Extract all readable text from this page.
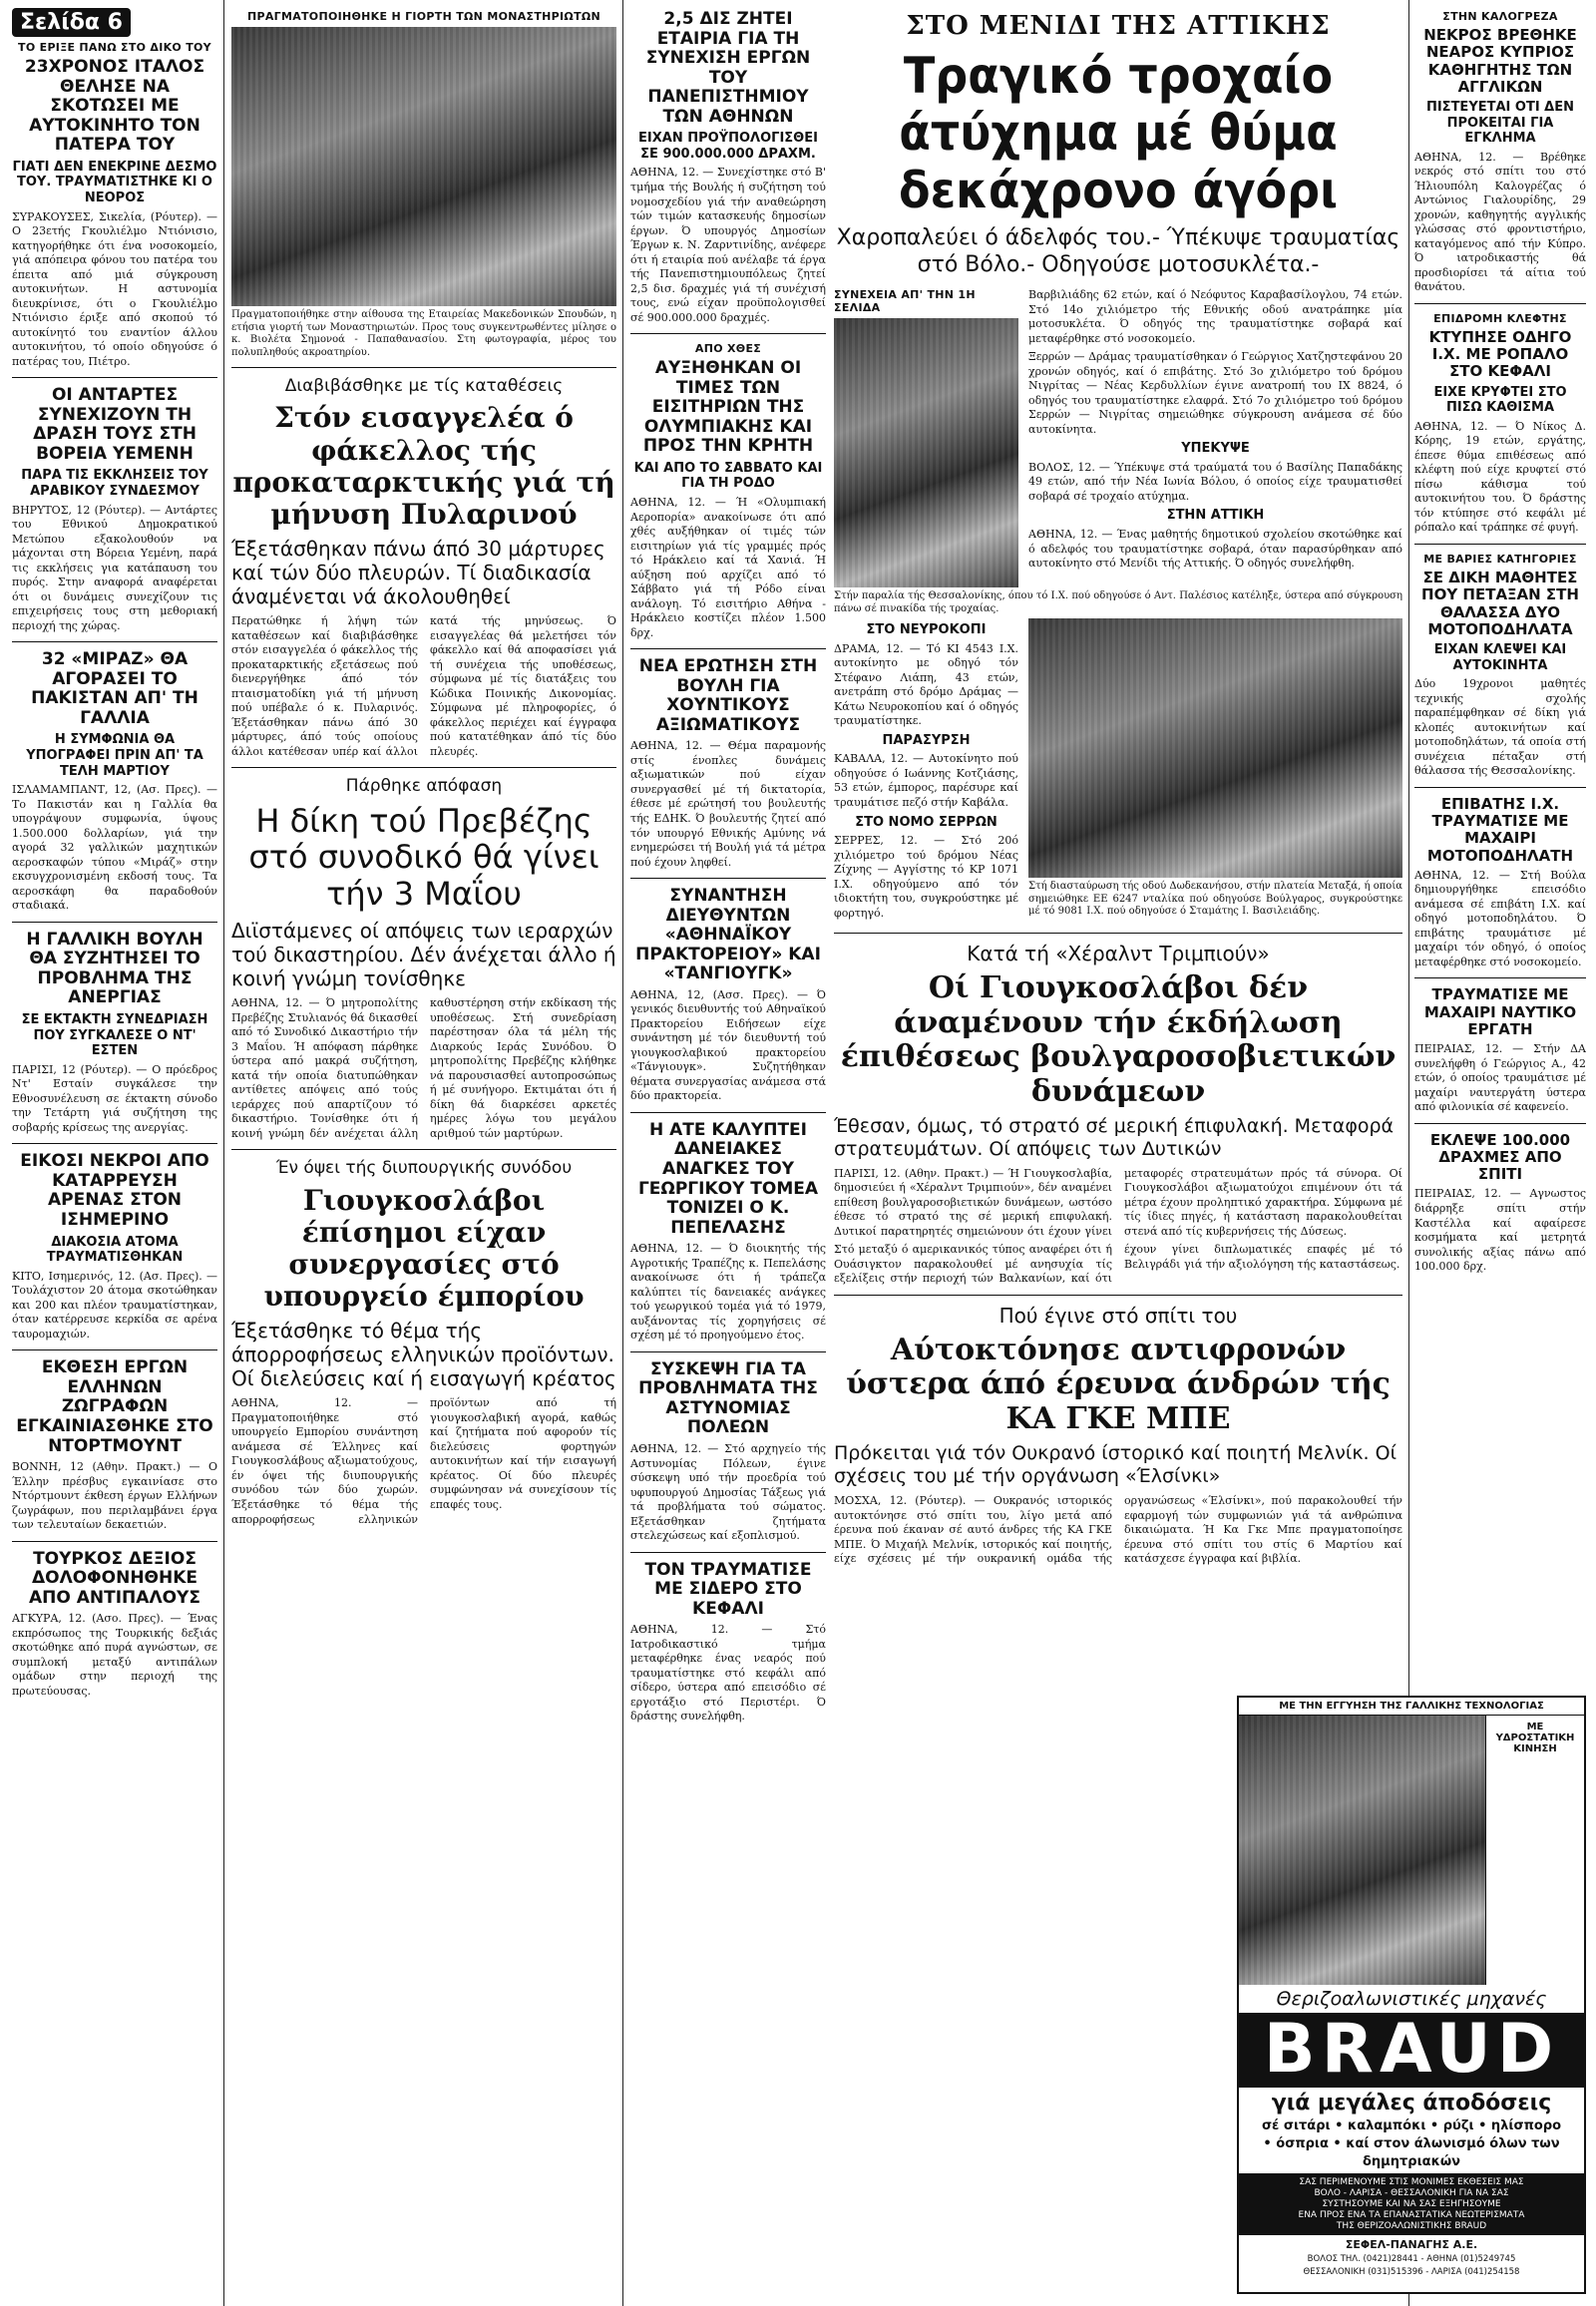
Σελίδα 6
ΤΟ ΕΡΙΞΕ ΠΑΝΩ ΣΤΟ ΔΙΚΟ ΤΟΥ
23ΧΡΟΝΟΣ ΙΤΑΛΟΣ ΘΕΛΗΣΕ ΝΑ ΣΚΟΤΩΣΕΙ ΜΕ ΑΥΤΟΚΙΝΗΤΟ ΤΟΝ ΠΑΤΕΡΑ ΤΟΥ
ΓΙΑΤΙ ΔΕΝ ΕΝΕΚΡΙΝΕ ΔΕΣΜΟ ΤΟΥ. ΤΡΑΥΜΑΤΙΣΤΗΚΕ ΚΙ Ο ΝΕΟΡΟΣ
ΣΥΡΑΚΟΥΣΕΣ, Σικελία, (Ρόυτερ). — Ο 23ετής Γκουλιέλμο Ντιόνισιο, κατηγορήθηκε ότι ένα νοσοκομείο, γιά απόπειρα φόνου του πατέρα του έπειτα από μιά σύγκρουση αυτοκινήτων. Η αστυνομία διευκρίνισε, ότι ο Γκουλιέλμο Ντιόνισιο έριξε από σκοπού τό αυτοκίνητό του εναντίον άλλου αυτοκινήτου, τό οποίο οδηγούσε ό πατέρας του, Πιέτρο.
ΟΙ ΑΝΤΑΡΤΕΣ ΣΥΝΕΧΙΖΟΥΝ ΤΗ ΔΡΑΣΗ ΤΟΥΣ ΣΤΗ ΒΟΡΕΙΑ ΥΕΜΕΝΗ
ΠΑΡΑ ΤΙΣ ΕΚΚΛΗΣΕΙΣ ΤΟΥ ΑΡΑΒΙΚΟΥ ΣΥΝΔΕΣΜΟΥ
ΒΗΡΥΤΟΣ, 12 (Ρόυτερ). — Αντάρτες του Εθνικού Δημοκρατικού Μετώπου εξακολουθούν να μάχονται στη Βόρεια Υεμένη, παρά τις εκκλήσεις για κατάπαυση του πυρός. Στην αναφορά αναφέρεται ότι οι δυνάμεις συνεχίζουν τις επιχειρήσεις τους στη μεθοριακή περιοχή της χώρας.
32 «ΜΙΡΑΖ» ΘΑ ΑΓΟΡΑΣΕΙ ΤΟ ΠΑΚΙΣΤΑΝ ΑΠ' ΤΗ ΓΑΛΛΙΑ
Η ΣΥΜΦΩΝΙΑ ΘΑ ΥΠΟΓΡΑΦΕΙ ΠΡΙΝ ΑΠ' ΤΑ ΤΕΛΗ ΜΑΡΤΙΟΥ
ΙΣΛΑΜΑΜΠΑΝΤ, 12, (Ασ. Πρες). — Το Πακιστάν και η Γαλλία θα υπογράψουν συμφωνία, ύψους 1.500.000 δολλαρίων, γιά την αγορά 32 γαλλικών μαχητικών αεροσκαφών τύπου «Μιράζ» στην εκσυγχρονισμένη εκδοσή τους. Τα αεροσκάφη θα παραδοθούν σταδιακά.
Η ΓΑΛΛΙΚΗ ΒΟΥΛΗ ΘΑ ΣΥΖΗΤΗΣΕΙ ΤΟ ΠΡΟΒΛΗΜΑ ΤΗΣ ΑΝΕΡΓΙΑΣ
ΣΕ ΕΚΤΑΚΤΗ ΣΥΝΕΔΡΙΑΣΗ ΠΟΥ ΣΥΓΚΑΛΕΣΕ Ο ΝΤ' ΕΣΤΕΝ
ΠΑΡΙΣΙ, 12 (Ρόυτερ). — Ο πρόεδρος Ντ' Εσταίν συγκάλεσε την Εθνοσυνέλευση σε έκτακτη σύνοδο την Τετάρτη γιά συζήτηση της σοβαρής κρίσεως της ανεργίας.
ΕΙΚΟΣΙ ΝΕΚΡΟΙ ΑΠΟ ΚΑΤΑΡΡΕΥΣΗ ΑΡΕΝΑΣ ΣΤΟΝ ΙΣΗΜΕΡΙΝΟ
ΔΙΑΚΟΣΙΑ ΑΤΟΜΑ ΤΡΑΥΜΑΤΙΣΘΗΚΑΝ
ΚΙΤΟ, Ισημερινός, 12. (Ασ. Πρες). — Τουλάχιστον 20 άτομα σκοτώθηκαν και 200 και πλέον τραυματίστηκαν, όταν κατέρρευσε κερκίδα σε αρένα ταυρομαχιών.
ΕΚΘΕΣΗ ΕΡΓΩΝ ΕΛΛΗΝΩΝ ΖΩΓΡΑΦΩΝ ΕΓΚΑΙΝΙΑΣΘΗΚΕ ΣΤΟ ΝΤΟΡΤΜΟΥΝΤ
ΒΟΝΝΗ, 12 (Αθην. Πρακτ.) — Ο Έλλην πρέσβυς εγκαινίασε στο Ντόρτμουντ έκθεση έργων Ελλήνων ζωγράφων, που περιλαμβάνει έργα των τελευταίων δεκαετιών.
ΤΟΥΡΚΟΣ ΔΕΞΙΟΣ ΔΟΛΟΦΟΝΗΘΗΚΕ ΑΠΟ ΑΝΤΙΠΑΛΟΥΣ
ΑΓΚΥΡΑ, 12. (Ασο. Πρες). — Ένας εκπρόσωπος της Τουρκικής δεξιάς σκοτώθηκε από πυρά αγνώστων, σε συμπλοκή μεταξύ αντιπάλων ομάδων στην περιοχή της πρωτεύουσας.
ΠΡΑΓΜΑΤΟΠΟΙΗΘΗΚΕ Η ΓΙΟΡΤΗ ΤΩΝ ΜΟΝΑΣΤΗΡΙΩΤΩΝ
Πραγματοποιήθηκε στην αίθουσα της Εταιρείας Μακεδονικών Σπουδών, η ετήσια γιορτή των Μοναστηριωτών. Προς τους συγκεντρωθέντες μίλησε ο κ. Βιολέτα Σημονοά - Παπαθανασίου. Στη φωτογραφία, μέρος του πολυπληθούς ακροατηρίου.
Διαβιβάσθηκε με τίς καταθέσεις
Στόν εισαγγελέα ό φάκελλος τής προκαταρκτικής γιά τή μήνυση Πυλαρινού
Έξετάσθηκαν πάνω άπό 30 μάρτυρες καί τών δύο πλευρών. Τί διαδικασία άναμένεται νά άκολουθηθεί
Περατώθηκε ή λήψη τών καταθέσεων καί διαβιβάσθηκε στόν εισαγγελέα ό φάκελλος τής προκαταρκτικής εξετάσεως πού διενεργήθηκε άπό τόν πταισματοδίκη γιά τή μήνυση πού υπέβαλε ό κ. Πυλαρινός. Έξετάσθηκαν πάνω άπό 30 μάρτυρες, άπό τούς οποίους άλλοι κατέθεσαν υπέρ καί άλλοι κατά τής μηνύσεως. Ό εισαγγελέας θά μελετήσει τόν φάκελλο καί θά αποφασίσει γιά τή συνέχεια τής υποθέσεως, σύμφωνα μέ τίς διατάξεις του Κώδικα Ποινικής Δικονομίας. Σύμφωνα μέ πληροφορίες, ό φάκελλος περιέχει καί έγγραφα πού κατατέθηκαν άπό τίς δύο πλευρές.
Πάρθηκε απόφαση
Η δίκη τού Πρεβέζης στό συνοδικό θά γίνει τήν 3 Μαΐου
Διϊστάμενες οί απόψεις των ιεραρχών τού δικαστηρίου. Δέν άνέχεται άλλο ή κοινή γνώμη τονίσθηκε
ΑΘΗΝΑ, 12. — Ό μητροπολίτης Πρεβέζης Στυλιανός θά δικασθεί από τό Συνοδικό Δικαστήριο τήν 3 Μαΐου. Ή απόφαση πάρθηκε ύστερα από μακρά συζήτηση, κατά τήν οποία διατυπώθηκαν αντίθετες απόψεις από τούς ιεράρχες πού απαρτίζουν τό δικαστήριο. Τονίσθηκε ότι ή κοινή γνώμη δέν ανέχεται άλλη καθυστέρηση στήν εκδίκαση τής υποθέσεως. Στή συνεδρίαση παρέστησαν όλα τά μέλη τής Διαρκούς Ιεράς Συνόδου. Ό μητροπολίτης Πρεβέζης κλήθηκε νά παρουσιασθεί αυτοπροσώπως ή μέ συνήγορο. Εκτιμάται ότι ή δίκη θά διαρκέσει αρκετές ημέρες λόγω του μεγάλου αριθμού τών μαρτύρων.
Έν όψει τής διυπουργικής συνόδου
Γιουγκοσλάβοι έπίσημοι είχαν συνεργασίες στό υπουργείο έμπορίου
Έξετάσθηκε τό θέμα τής άπορροφήσεως ελληνικών προϊόντων. Οί διελεύσεις καί ή εισαγωγή κρέατος
ΑΘΗΝΑ, 12. — Πραγματοποιήθηκε στό υπουργείο Εμπορίου συνάντηση ανάμεσα σέ Έλληνες καί Γιουγκοσλάβους αξιωματούχους, έν όψει τής διυπουργικής συνόδου τών δύο χωρών. Έξετάσθηκε τό θέμα τής απορροφήσεως ελληνικών προϊόντων από τή γιουγκοσλαβική αγορά, καθώς καί ζητήματα πού αφορούν τίς διελεύσεις φορτηγών αυτοκινήτων καί τήν εισαγωγή κρέατος. Οί δύο πλευρές συμφώνησαν νά συνεχίσουν τίς επαφές τους.
2,5 ΔΙΣ ΖΗΤΕΙ ΕΤΑΙΡΙΑ ΓΙΑ ΤΗ ΣΥΝΕΧΙΣΗ ΕΡΓΩΝ ΤΟΥ ΠΑΝΕΠΙΣΤΗΜΙΟΥ ΤΩΝ ΑΘΗΝΩΝ
ΕΙΧΑΝ ΠΡΟΫΠΟΛΟΓΙΣΘΕΙ ΣΕ 900.000.000 ΔΡΑΧΜ.
ΑΘΗΝΑ, 12. — Συνεχίστηκε στό Β' τμήμα τής Βουλής ή συζήτηση τού νομοσχεδίου γιά τήν αναθεώρηση τών τιμών κατασκευής δημοσίων έργων. Ό υπουργός Δημοσίων Έργων κ. Ν. Ζαρντινίδης, ανέφερε ότι ή εταιρία πού ανέλαβε τά έργα τής Πανεπιστημιουπόλεως ζητεί 2,5 δισ. δραχμές γιά τή συνέχισή τους, ενώ είχαν προϋπολογισθεί σέ 900.000.000 δραχμές.
ΑΠΟ ΧΘΕΣ
ΑΥΞΗΘΗΚΑΝ ΟΙ ΤΙΜΕΣ ΤΩΝ ΕΙΣΙΤΗΡΙΩΝ ΤΗΣ ΟΛΥΜΠΙΑΚΗΣ ΚΑΙ ΠΡΟΣ ΤΗΝ ΚΡΗΤΗ
ΚΑΙ ΑΠΟ ΤΟ ΣΑΒΒΑΤΟ ΚΑΙ ΓΙΑ ΤΗ ΡΟΔΟ
ΑΘΗΝΑ, 12. — Ή «Ολυμπιακή Αεροπορία» ανακοίνωσε ότι από χθές αυξήθηκαν οί τιμές τών εισιτηρίων γιά τίς γραμμές πρός τό Ηράκλειο καί τά Χανιά. Ή αύξηση πού αρχίζει από τό Σάββατο γιά τή Ρόδο είναι ανάλογη. Τό εισιτήριο Αθήνα - Ηράκλειο κοστίζει πλέον 1.500 δρχ.
ΝΕΑ ΕΡΩΤΗΣΗ ΣΤΗ ΒΟΥΛΗ ΓΙΑ ΧΟΥΝΤΙΚΟΥΣ ΑΞΙΩΜΑΤΙΚΟΥΣ
ΑΘΗΝΑ, 12. — Θέμα παραμονής στίς ένοπλες δυνάμεις αξιωματικών πού είχαν συνεργασθεί μέ τή δικτατορία, έθεσε μέ ερώτησή του βουλευτής τής ΕΔΗΚ. Ό βουλευτής ζητεί από τόν υπουργό Εθνικής Αμύνης νά ενημερώσει τή Βουλή γιά τά μέτρα πού έχουν ληφθεί.
ΣΥΝΑΝΤΗΣΗ ΔΙΕΥΘΥΝΤΩΝ «ΑΘΗΝΑΪΚΟΥ ΠΡΑΚΤΟΡΕΙΟΥ» ΚΑΙ «ΤΑΝΓΙΟΥΓΚ»
ΑΘΗΝΑ, 12, (Ασσ. Πρες). — Ό γενικός διευθυντής τού Αθηναϊκού Πρακτορείου Ειδήσεων είχε συνάντηση μέ τόν διευθυντή τού γιουγκοσλαβικού πρακτορείου «Τάνγιουγκ». Συζητήθηκαν θέματα συνεργασίας ανάμεσα στά δύο πρακτορεία.
Η ΑΤΕ ΚΑΛΥΠΤΕΙ ΔΑΝΕΙΑΚΕΣ ΑΝΑΓΚΕΣ ΤΟΥ ΓΕΩΡΓΙΚΟΥ ΤΟΜΕΑ ΤΟΝΙΖΕΙ Ο Κ. ΠΕΠΕΛΑΣΗΣ
ΑΘΗΝΑ, 12. — Ό διοικητής τής Αγροτικής Τραπέζης κ. Πεπελάσης ανακοίνωσε ότι ή τράπεζα καλύπτει τίς δανειακές ανάγκες τού γεωργικού τομέα γιά τό 1979, αυξάνοντας τίς χορηγήσεις σέ σχέση μέ τό προηγούμενο έτος.
ΣΥΣΚΕΨΗ ΓΙΑ ΤΑ ΠΡΟΒΛΗΜΑΤΑ ΤΗΣ ΑΣΤΥΝΟΜΙΑΣ ΠΟΛΕΩΝ
ΑΘΗΝΑ, 12. — Στό αρχηγείο τής Αστυνομίας Πόλεων, έγινε σύσκεψη υπό τήν προεδρία τού υφυπουργού Δημοσίας Τάξεως γιά τά προβλήματα τού σώματος. Εξετάσθηκαν ζητήματα στελεχώσεως καί εξοπλισμού.
ΤΟΝ ΤΡΑΥΜΑΤΙΣΕ ΜΕ ΣΙΔΕΡΟ ΣΤΟ ΚΕΦΑΛΙ
ΑΘΗΝΑ, 12. — Στό Ιατροδικαστικό τμήμα μεταφέρθηκε ένας νεαρός πού τραυματίστηκε στό κεφάλι από σίδερο, ύστερα από επεισόδιο σέ εργοτάξιο στό Περιστέρι. Ό δράστης συνελήφθη.
ΣΤΟ ΜΕΝΙΔΙ ΤΗΣ ΑΤΤΙΚΗΣ
Τραγικό τροχαίο άτύχημα μέ θύμα δεκάχρονο άγόρι
Χαροπαλεύει ό άδελφός του.- Ύπέκυψε τραυματίας στό Βόλο.- Οδηγούσε μοτοσυκλέτα.-
ΣΥΝΕΧΕΙΑ ΑΠ' ΤΗΝ 1Η ΣΕΛΙΔΑ
Βαρβιλιάδης 62 ετών, καί ό Νεόφυτος Καραβασίλογλου, 74 ετών. Στό 14ο χιλιόμετρο τής Εθνικής οδού ανατράπηκε μία μοτοσυκλέτα. Ό οδηγός της τραυματίστηκε σοβαρά καί μεταφέρθηκε στό νοσοκομείο.
Ξερρών — Δράμας τραυματίσθηκαν ό Γεώργιος Χατζηστεφάνου 20 χρονών οδηγός, καί ό επιβάτης. Στό 3ο χιλιόμετρο τού δρόμου Νιγρίτας — Νέας Κερδυλλίων έγινε ανατροπή του ΙΧ 8824, ό οδηγός του τραυματίστηκε ελαφρά. Στό 7ο χιλιόμετρο τού δρόμου Σερρών — Νιγρίτας σημειώθηκε σύγκρουση ανάμεσα σέ δύο αυτοκίνητα.
ΥΠΕΚΥΨΕ
ΒΟΛΟΣ, 12. — Ύπέκυψε στά τραύματά του ό Βασίλης Παπαδάκης 49 ετών, από τήν Νέα Ιωνία Βόλου, ό οποίος είχε τραυματισθεί σοβαρά σέ τροχαίο ατύχημα.
ΣΤΗΝ ΑΤΤΙΚΗ
ΑΘΗΝΑ, 12. — Ένας μαθητής δημοτικού σχολείου σκοτώθηκε καί ό αδελφός του τραυματίστηκε σοβαρά, όταν παρασύρθηκαν από αυτοκίνητο στό Μενίδι τής Αττικής. Ό οδηγός συνελήφθη.
Στήν παραλία τής Θεσσαλονίκης, όπου τό Ι.Χ. πού οδηγούσε ό Αντ. Παλέσιος κατέληξε, ύστερα από σύγκρουση πάνω σέ πινακίδα τής τροχαίας.
ΣΤΟ ΝΕΥΡΟΚΟΠΙ
ΔΡΑΜΑ, 12. — Τό ΚΙ 4543 Ι.Χ. αυτοκίνητο με οδηγό τόν Στέφανο Λιάπη, 43 ετών, ανετράπη στό δρόμο Δράμας — Κάτω Νευροκοπίου καί ό οδηγός τραυματίστηκε.
ΠΑΡΑΣΥΡΣΗ
ΚΑΒΑΛΑ, 12. — Αυτοκίνητο πού οδηγούσε ό Ιωάννης Κοτζιάσης, 53 ετών, έμπορος, παρέσυρε καί τραυμάτισε πεζό στήν Καβάλα.
ΣΤΟ ΝΟΜΟ ΣΕΡΡΩΝ
ΣΕΡΡΕΣ, 12. — Στό 20ό χιλιόμετρο τού δρόμου Νέας Ζίχνης — Αγγίστης τό ΚΡ 1071 Ι.Χ. οδηγούμενο από τόν ιδιοκτήτη του, συγκρούστηκε μέ φορτηγό.
Στή διασταύρωση τής οδού Δωδεκανήσου, στήν πλατεία Μεταξά, ή οποία σημειώθηκε ΕΕ 6247 νταλίκα πού οδηγούσε Βούλγαρος, συγκρούστηκε μέ τό 9081 Ι.Χ. πού οδηγούσε ό Σταμάτης Ι. Βασιλειάδης.
Κατά τή «Χέραλντ Τριμπιούν»
Οί Γιουγκοσλάβοι δέν άναμένουν τήν έκδήλωση έπιθέσεως βουλγαροσοβιετικών δυνάμεων
Έθεσαν, όμως, τό στρατό σέ μερική έπιφυλακή. Μεταφορά στρατευμάτων. Οί απόψεις των Δυτικών
ΠΑΡΙΣΙ, 12. (Αθην. Πρακτ.) — Ή Γιουγκοσλαβία, δημοσιεύει ή «Χέραλντ Τριμπιούν», δέν αναμένει επίθεση βουλγαροσοβιετικών δυνάμεων, ωστόσο έθεσε τό στρατό της σέ μερική επιφυλακή. Δυτικοί παρατηρητές σημειώνουν ότι έχουν γίνει μεταφορές στρατευμάτων πρός τά σύνορα. Οί Γιουγκοσλάβοι αξιωματούχοι επιμένουν ότι τά μέτρα έχουν προληπτικό χαρακτήρα. Σύμφωνα μέ τίς ίδιες πηγές, ή κατάσταση παρακολουθείται στενά από τίς κυβερνήσεις τής Δύσεως.
Στό μεταξύ ό αμερικανικός τύπος αναφέρει ότι ή Ουάσιγκτον παρακολουθεί μέ ανησυχία τίς εξελίξεις στήν περιοχή τών Βαλκανίων, καί ότι έχουν γίνει διπλωματικές επαφές μέ τό Βελιγράδι γιά τήν αξιολόγηση τής καταστάσεως.
Πού έγινε στό σπίτι του
Αύτοκτόνησε αντιφρονών ύστερα άπό έρευνα άνδρών τής ΚΑ ΓΚΕ ΜΠΕ
Πρόκειται γιά τόν Ουκρανό ίστορικό καί ποιητή Μελνίκ. Οί σχέσεις του μέ τήν οργάνωση «Έλσίνκι»
ΜΟΣΧΑ, 12. (Ρόυτερ). — Ουκρανός ιστορικός αυτοκτόνησε στό σπίτι του, λίγο μετά από έρευνα πού έκαναν σέ αυτό άνδρες τής ΚΑ ΓΚΕ ΜΠΕ. Ό Μιχαήλ Μελνίκ, ιστορικός καί ποιητής, είχε σχέσεις μέ τήν ουκρανική ομάδα τής οργανώσεως «Έλσίνκι», πού παρακολουθεί τήν εφαρμογή τών συμφωνιών γιά τά ανθρώπινα δικαιώματα. Ή Κα Γκε Μπε πραγματοποίησε έρευνα στό σπίτι του στίς 6 Μαρτίου καί κατάσχεσε έγγραφα καί βιβλία.
ΣΤΗΝ ΚΑΛΟΓΡΕΖΑ
ΝΕΚΡΟΣ ΒΡΕΘΗΚΕ ΝΕΑΡΟΣ ΚΥΠΡΙΟΣ ΚΑΘΗΓΗΤΗΣ ΤΩΝ ΑΓΓΛΙΚΩΝ
ΠΙΣΤΕΥΕΤΑΙ ΟΤΙ ΔΕΝ ΠΡΟΚΕΙΤΑΙ ΓΙΑ ΕΓΚΛΗΜΑ
ΑΘΗΝΑ, 12. — Βρέθηκε νεκρός στό σπίτι του στό Ήλιουπόλη Καλογρέζας ό Αντώνιος Γιαλουρίδης, 29 χρονών, καθηγητής αγγλικής γλώσσας στό φροντιστήριο, καταγόμενος από τήν Κύπρο. Ό ιατροδικαστής θά προσδιορίσει τά αίτια τού θανάτου.
ΕΠΙΔΡΟΜΗ ΚΛΕΦΤΗΣ
ΚΤΥΠΗΣΕ ΟΔΗΓΟ Ι.Χ. ΜΕ ΡΟΠΑΛΟ ΣΤΟ ΚΕΦΑΛΙ
ΕΙΧΕ ΚΡΥΦΤΕΙ ΣΤΟ ΠΙΣΩ ΚΑΘΙΣΜΑ
ΑΘΗΝΑ, 12. — Ό Νίκος Δ. Κόρης, 19 ετών, εργάτης, έπεσε θύμα επιθέσεως από κλέφτη πού είχε κρυφτεί στό πίσω κάθισμα τού αυτοκινήτου του. Ό δράστης τόν κτύπησε στό κεφάλι μέ ρόπαλο καί τράπηκε σέ φυγή.
ΜΕ ΒΑΡΙΕΣ ΚΑΤΗΓΟΡΙΕΣ
ΣΕ ΔΙΚΗ ΜΑΘΗΤΕΣ ΠΟΥ ΠΕΤΑΞΑΝ ΣΤΗ ΘΑΛΑΣΣΑ ΔΥΟ ΜΟΤΟΠΟΔΗΛΑΤΑ
ΕΙΧΑΝ ΚΛΕΨΕΙ ΚΑΙ ΑΥΤΟΚΙΝΗΤΑ
Δύο 19χρονοι μαθητές τεχνικής σχολής παραπέμφθηκαν σέ δίκη γιά κλοπές αυτοκινήτων καί μοτοποδηλάτων, τά οποία στή συνέχεια πέταξαν στή θάλασσα τής Θεσσαλονίκης.
ΕΠΙΒΑΤΗΣ Ι.Χ. ΤΡΑΥΜΑΤΙΣΕ ΜΕ ΜΑΧΑΙΡΙ ΜΟΤΟΠΟΔΗΛΑΤΗ
ΑΘΗΝΑ, 12. — Στή Βούλα δημιουργήθηκε επεισόδιο ανάμεσα σέ επιβάτη Ι.Χ. καί οδηγό μοτοποδηλάτου. Ό επιβάτης τραυμάτισε μέ μαχαίρι τόν οδηγό, ό οποίος μεταφέρθηκε στό νοσοκομείο.
ΤΡΑΥΜΑΤΙΣΕ ΜΕ ΜΑΧΑΙΡΙ ΝΑΥΤΙΚΟ ΕΡΓΑΤΗ
ΠΕΙΡΑΙΑΣ, 12. — Στήν ΔΑ συνελήφθη ό Γεώργιος Α., 42 ετών, ό οποίος τραυμάτισε μέ μαχαίρι ναυτεργάτη ύστερα από φιλονικία σέ καφενείο.
ΕΚΛΕΨΕ 100.000 ΔΡΑΧΜΕΣ ΑΠΟ ΣΠΙΤΙ
ΠΕΙΡΑΙΑΣ, 12. — Αγνωστος διάρρηξε σπίτι στήν Καστέλλα καί αφαίρεσε κοσμήματα καί μετρητά συνολικής αξίας πάνω από 100.000 δρχ.
ΜΕ ΤΗΝ ΕΓΓΥΗΣΗ ΤΗΣ ΓΑΛΛΙΚΗΣ ΤΕΧΝΟΛΟΓΙΑΣ
ΜΕ ΥΔΡΟΣΤΑΤΙΚΗ ΚΙΝΗΣΗ
Θεριζοαλωνιστικές μηχανές
BRAUD
γιά μεγάλες άποδόσεις
σέ σιτάρι • καλαμπόκι • ρύζι • ηλίσπορο
• όσπρια • καί στον άλωνισμό όλων των
δημητριακών
ΣΑΣ ΠΕΡΙΜΕΝΟΥΜΕ ΣΤΙΣ ΜΟΝΙΜΕΣ ΕΚΘΕΣΕΙΣ ΜΑΣ
ΒΟΛΟ - ΛΑΡΙΣΑ - ΘΕΣΣΑΛΟΝΙΚΗ ΓΙΑ ΝΑ ΣΑΣ
ΣΥΣΤΗΣΟΥΜΕ ΚΑΙ ΝΑ ΣΑΣ ΕΞΗΓΗΣΟΥΜΕ
ΕΝΑ ΠΡΟΣ ΕΝΑ ΤΑ ΕΠΑΝΑΣΤΑΤΙΚΑ ΝΕΩΤΕΡΙΣΜΑΤΑ
ΤΗΣ ΘΕΡΙΖΟΑΛΩΝΙΣΤΙΚΗΣ BRAUD
ΣΕΦΕΛ-ΠΑΝΑΓΗΣ Α.Ε.
ΒΟΛΟΣ ΤΗΛ. (0421)28441 - ΑΘΗΝΑ (01)5249745
ΘΕΣΣΑΛΟΝΙΚΗ (031)515396 - ΛΑΡΙΣΑ (041)254158
